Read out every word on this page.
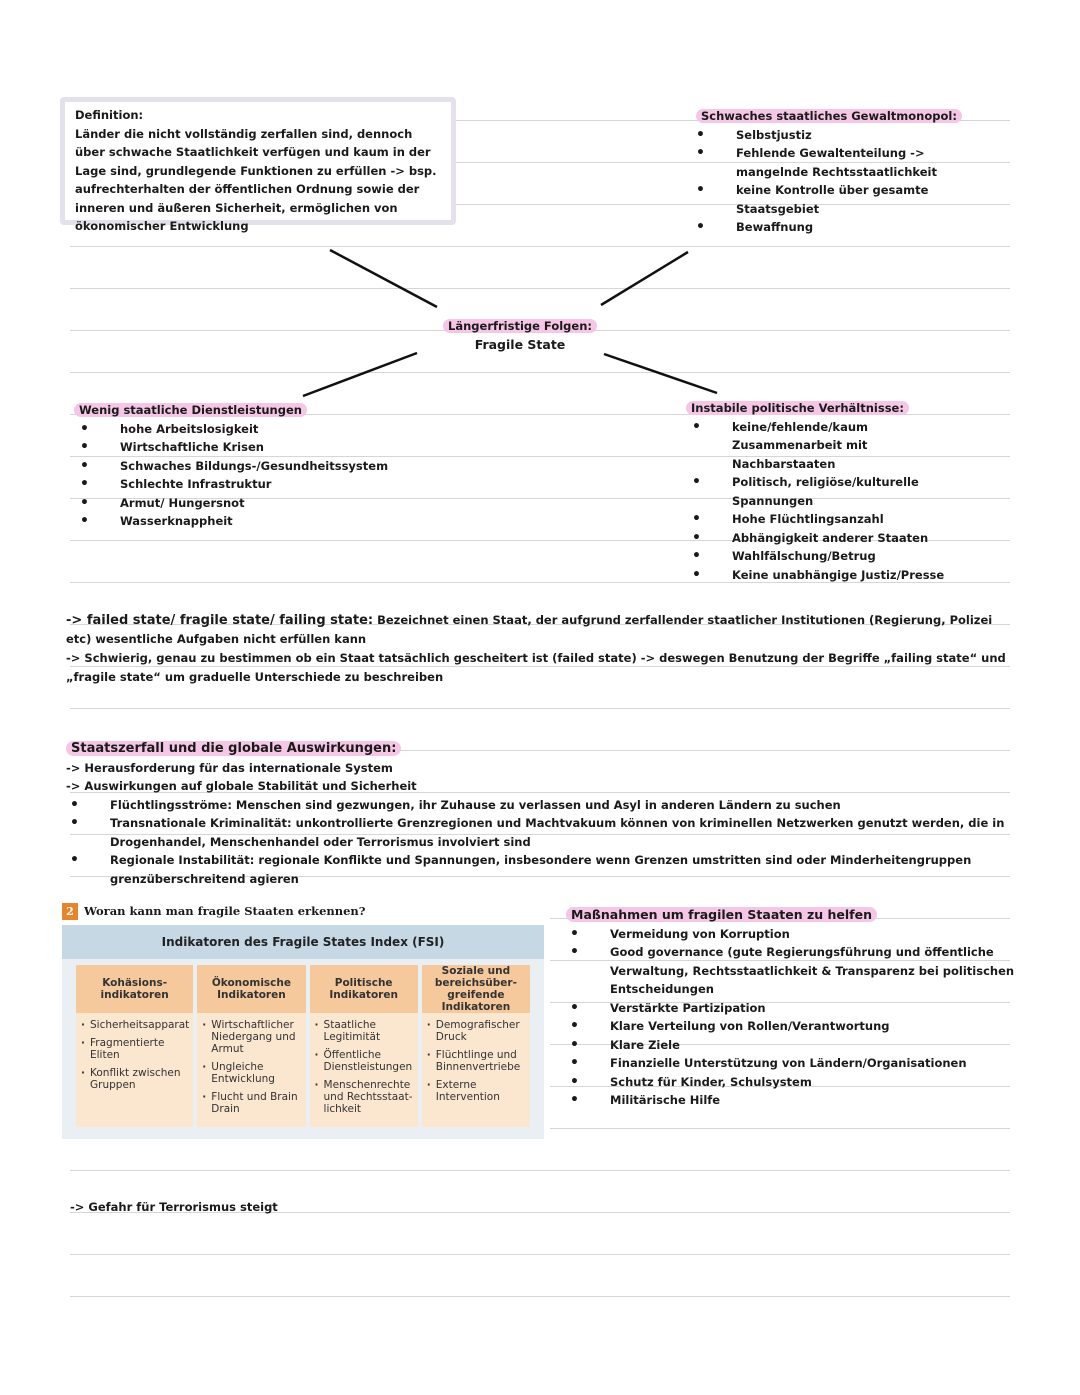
Definition:
Länder die nicht vollständig zerfallen sind, dennoch über schwache Staatlichkeit verfügen und kaum in der Lage sind, grundlegende Funktionen zu erfüllen -> bsp. aufrechterhalten der öffentlichen Ordnung sowie der inneren und äußeren Sicherheit, ermöglichen von ökonomischer Entwicklung
Schwaches staatliches Gewaltmonopol:
• Selbstjustiz
• Fehlende Gewaltenteilung -> mangelnde Rechtsstaatlichkeit
• keine Kontrolle über gesamte Staatsgebiet
• Bewaffnung
Längerfristige Folgen:
Fragile State
Wenig staatliche Dienstleistungen
• hohe Arbeitslosigkeit
• Wirtschaftliche Krisen
• Schwaches Bildungs-/Gesundheitssystem
• Schlechte Infrastruktur
• Armut/ Hungersnot
• Wasserknappheit
Instabile politische Verhältnisse:
• keine/fehlende/kaum Zusammenarbeit mit Nachbarstaaten
• Politisch, religiöse/kulturelle Spannungen
• Hohe Flüchtlingsanzahl
• Abhängigkeit anderer Staaten
• Wahlfälschung/Betrug
• Keine unabhängige Justiz/Presse
-> failed state/ fragile state/ failing state: Bezeichnet einen Staat, der aufgrund zerfallender staatlicher Institutionen (Regierung, Polizei etc) wesentliche Aufgaben nicht erfüllen kann
-> Schwierig, genau zu bestimmen ob ein Staat tatsächlich gescheitert ist (failed state) -> deswegen Benutzung der Begriffe „failing state“ und „fragile state“ um graduelle Unterschiede zu beschreiben
Staatszerfall und die globale Auswirkungen:
-> Herausforderung für das internationale System
-> Auswirkungen auf globale Stabilität und Sicherheit
• Flüchtlingsströme: Menschen sind gezwungen, ihr Zuhause zu verlassen und Asyl in anderen Ländern zu suchen
• Transnationale Kriminalität: unkontrollierte Grenzregionen und Machtvakuum können von kriminellen Netzwerken genutzt werden, die in Drogenhandel, Menschenhandel oder Terrorismus involviert sind
• Regionale Instabilität: regionale Konflikte und Spannungen, insbesondere wenn Grenzen umstritten sind oder Minderheitengruppen grenzüberschreitend agieren
2 Woran kann man fragile Staaten erkennen?
Indikatoren des Fragile States Index (FSI)
Kohäsions-
indikatoren
· Sicherheitsapparat
· Fragmentierte Eliten
· Konflikt zwischen Gruppen
Ökonomische
Indikatoren
· Wirtschaftlicher Niedergang und Armut
· Ungleiche Entwicklung
· Flucht und Brain Drain
Politische
Indikatoren
· Staatliche Legitimität
· Öffentliche Dienstleistungen
· Menschenrechte und Rechtsstaat-lichkeit
Soziale und bereichsüber-greifende Indikatoren
· Demografischer Druck
· Flüchtlinge und Binnenvertriebe
· Externe Intervention
Maßnahmen um fragilen Staaten zu helfen
• Vermeidung von Korruption
• Good governance (gute Regierungsführung und öffentliche Verwaltung, Rechtsstaatlichkeit & Transparenz bei politischen Entscheidungen
• Verstärkte Partizipation
• Klare Verteilung von Rollen/Verantwortung
• Klare Ziele
• Finanzielle Unterstützung von Ländern/Organisationen
• Schutz für Kinder, Schulsystem
• Militärische Hilfe
-> Gefahr für Terrorismus steigt
